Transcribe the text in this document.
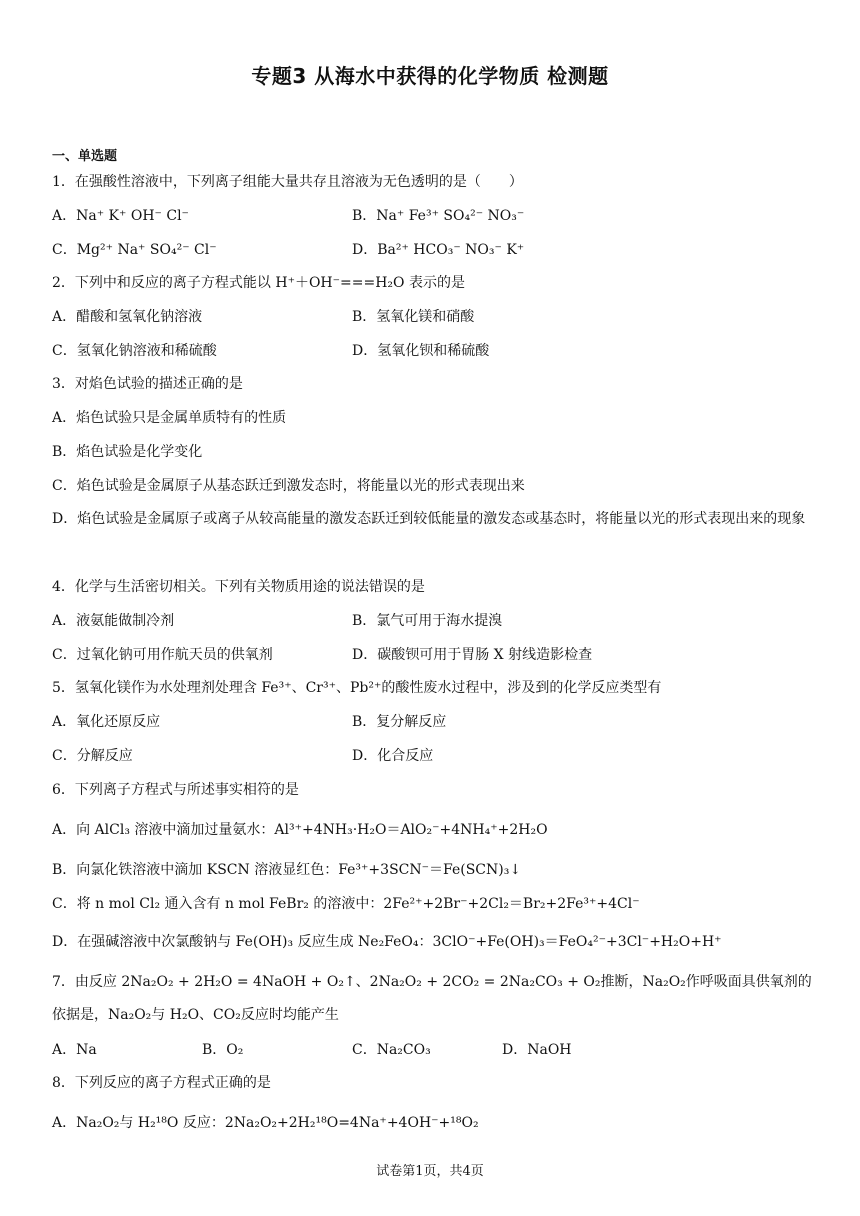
专题3 从海水中获得的化学物质 检测题
一、单选题
1．在强酸性溶液中，下列离子组能大量共存且溶液为无色透明的是（　　）
A．Na⁺ K⁺ OH⁻ Cl⁻	B．Na⁺ Fe³⁺ SO₄²⁻ NO₃⁻
C．Mg²⁺ Na⁺ SO₄²⁻ Cl⁻	D．Ba²⁺ HCO₃⁻ NO₃⁻ K⁺
2．下列中和反应的离子方程式能以 H⁺＋OH⁻===H₂O 表示的是
A．醋酸和氢氧化钠溶液	B．氢氧化镁和硝酸
C．氢氧化钠溶液和稀硫酸	D．氢氧化钡和稀硫酸
3．对焰色试验的描述正确的是
A．焰色试验只是金属单质特有的性质
B．焰色试验是化学变化
C．焰色试验是金属原子从基态跃迁到激发态时，将能量以光的形式表现出来
D．焰色试验是金属原子或离子从较高能量的激发态跃迁到较低能量的激发态或基态时，将能量以光的形式表现出来的现象
4．化学与生活密切相关。下列有关物质用途的说法错误的是
A．液氨能做制冷剂	B．氯气可用于海水提溴
C．过氧化钠可用作航天员的供氧剂	D．碳酸钡可用于胃肠 X 射线造影检查
5．氢氧化镁作为水处理剂处理含 Fe³⁺、Cr³⁺、Pb²⁺的酸性废水过程中，涉及到的化学反应类型有
A．氧化还原反应	B．复分解反应
C．分解反应	D．化合反应
6．下列离子方程式与所述事实相符的是
A．向 AlCl₃ 溶液中滴加过量氨水：Al³⁺+4NH₃·H₂O＝AlO₂⁻+4NH₄⁺+2H₂O
B．向氯化铁溶液中滴加 KSCN 溶液显红色：Fe³⁺+3SCN⁻＝Fe(SCN)₃↓
C．将 n mol Cl₂ 通入含有 n mol FeBr₂ 的溶液中：2Fe²⁺+2Br⁻+2Cl₂＝Br₂+2Fe³⁺+4Cl⁻
D．在强碱溶液中次氯酸钠与 Fe(OH)₃ 反应生成 Ne₂FeO₄：3ClO⁻+Fe(OH)₃＝FeO₄²⁻+3Cl⁻+H₂O+H⁺
7．由反应 2Na₂O₂ + 2H₂O = 4NaOH + O₂↑、2Na₂O₂ + 2CO₂ = 2Na₂CO₃ + O₂推断，Na₂O₂作呼吸面具供氧剂的依据是，Na₂O₂与 H₂O、CO₂反应时均能产生
A．Na	B．O₂	C．Na₂CO₃	D．NaOH
8．下列反应的离子方程式正确的是
A．Na₂O₂与 H₂¹⁸O 反应：2Na₂O₂+2H₂¹⁸O=4Na⁺+4OH⁻+¹⁸O₂
试卷第1页，共4页
